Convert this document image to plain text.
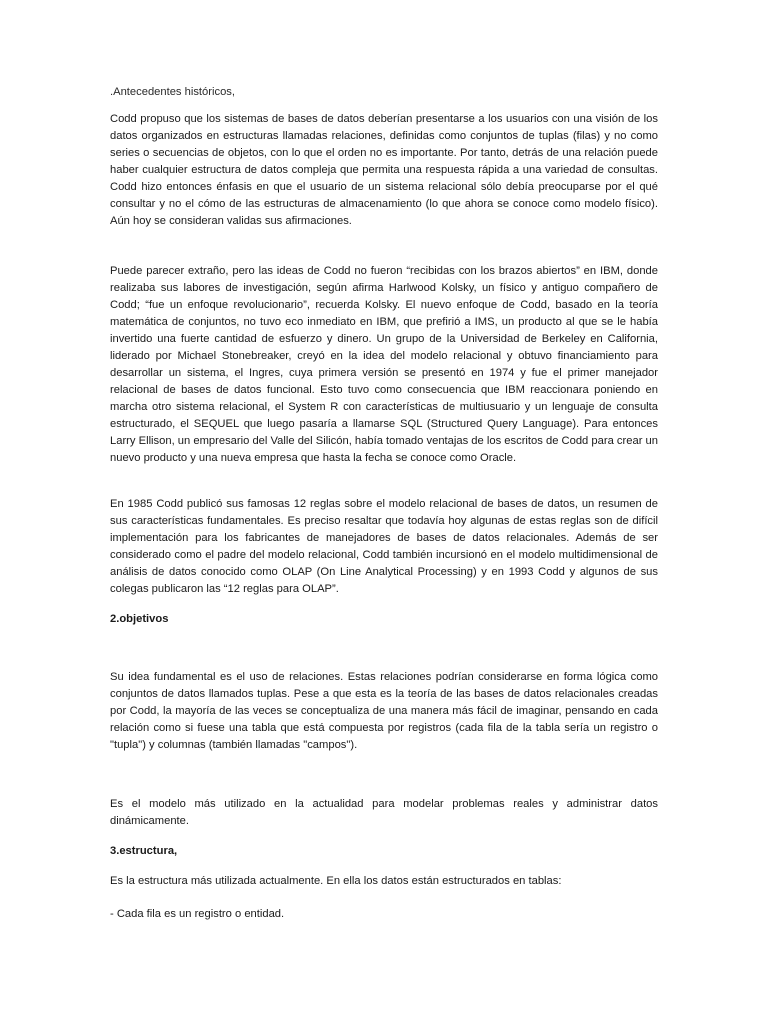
.Antecedentes históricos,

Codd propuso que los sistemas de bases de datos deberían presentarse a los usuarios con una visión de los datos organizados en estructuras llamadas relaciones, definidas como conjuntos de tuplas (filas) y no como series o secuencias de objetos, con lo que el orden no es importante. Por tanto, detrás de una relación puede haber cualquier estructura de datos compleja que permita una respuesta rápida a una variedad de consultas. Codd hizo entonces énfasis en que el usuario de un sistema relacional sólo debía preocuparse por el qué consultar y no el cómo de las estructuras de almacenamiento (lo que ahora se conoce como modelo físico). Aún hoy se consideran validas sus afirmaciones.

Puede parecer extraño, pero las ideas de Codd no fueron “recibidas con los brazos abiertos” en IBM, donde realizaba sus labores de investigación, según afirma Harlwood Kolsky, un físico y antiguo compañero de Codd; “fue un enfoque revolucionario”, recuerda Kolsky. El nuevo enfoque de Codd, basado en la teoría matemática de conjuntos, no tuvo eco inmediato en IBM, que prefirió a IMS, un producto al que se le había invertido una fuerte cantidad de esfuerzo y dinero. Un grupo de la Universidad de Berkeley en California, liderado por Michael Stonebreaker, creyó en la idea del modelo relacional y obtuvo financiamiento para desarrollar un sistema, el Ingres, cuya primera versión se presentó en 1974 y fue el primer manejador relacional de bases de datos funcional. Esto tuvo como consecuencia que IBM reaccionara poniendo en marcha otro sistema relacional, el System R con características de multiusuario y un lenguaje de consulta estructurado, el SEQUEL que luego pasaría a llamarse SQL (Structured Query Language). Para entonces Larry Ellison, un empresario del Valle del Silicón, había tomado ventajas de los escritos de Codd para crear un nuevo producto y una nueva empresa que hasta la fecha se conoce como Oracle.

En 1985 Codd publicó sus famosas 12 reglas sobre el modelo relacional de bases de datos, un resumen de sus características fundamentales. Es preciso resaltar que todavía hoy algunas de estas reglas son de difícil implementación para los fabricantes de manejadores de bases de datos relacionales. Además de ser considerado como el padre del modelo relacional, Codd también incursionó en el modelo multidimensional de análisis de datos conocido como OLAP (On Line Analytical Processing) y en 1993 Codd y algunos de sus colegas publicaron las “12 reglas para OLAP”.

2.objetivos

Su idea fundamental es el uso de relaciones. Estas relaciones podrían considerarse en forma lógica como conjuntos de datos llamados tuplas. Pese a que esta es la teoría de las bases de datos relacionales creadas por Codd, la mayoría de las veces se conceptualiza de una manera más fácil de imaginar, pensando en cada relación como si fuese una tabla que está compuesta por registros (cada fila de la tabla sería un registro o "tupla") y columnas (también llamadas "campos").

Es el modelo más utilizado en la actualidad para modelar problemas reales y administrar datos dinámicamente.

3.estructura,

Es la estructura más utilizada actualmente. En ella los datos están estructurados en tablas:

- Cada fila es un registro o entidad.
